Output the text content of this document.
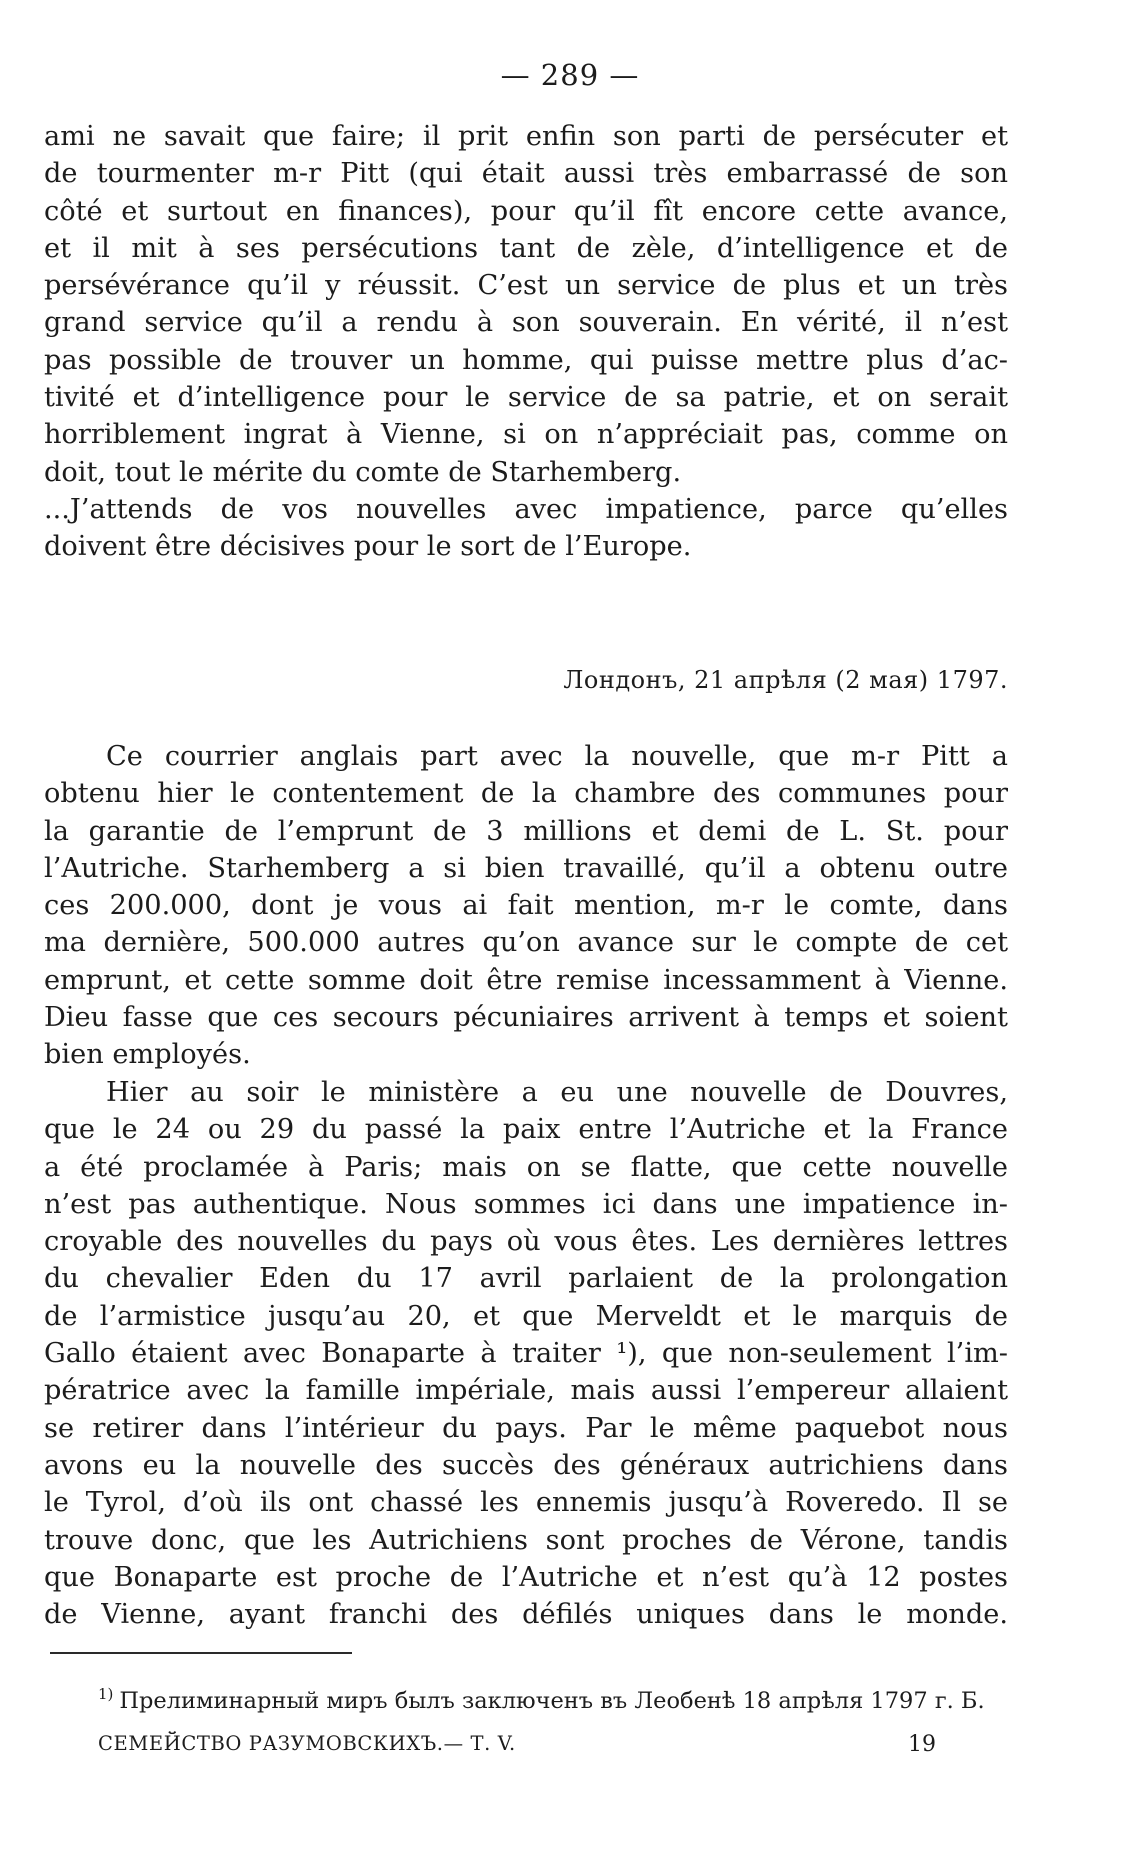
— 289 —
ami ne savait que faire; il prit enfin son parti de persécuter et
de tourmenter m-r Pitt (qui était aussi très embarrassé de son
côté et surtout en finances), pour qu’il fît encore cette avance,
et il mit à ses persécutions tant de zèle, d’intelligence et de
persévérance qu’il y réussit. C’est un service de plus et un très
grand service qu’il a rendu à son souverain. En vérité, il n’est
pas possible de trouver un homme, qui puisse mettre plus d’ac-
tivité et d’intelligence pour le service de sa patrie, et on serait
horriblement ingrat à Vienne, si on n’appréciait pas, comme on
doit, tout le mérite du comte de Starhemberg.
...J’attends de vos nouvelles avec impatience, parce qu’elles
doivent être décisives pour le sort de l’Europe.
Лондонъ, 21 апрѣля (2 мая) 1797.
Ce courrier anglais part avec la nouvelle, que m-r Pitt a
obtenu hier le contentement de la chambre des communes pour
la garantie de l’emprunt de 3 millions et demi de L. St. pour
l’Autriche. Starhemberg a si bien travaillé, qu’il a obtenu outre
ces 200.000, dont je vous ai fait mention, m-r le comte, dans
ma dernière, 500.000 autres qu’on avance sur le compte de cet
emprunt, et cette somme doit être remise incessamment à Vienne.
Dieu fasse que ces secours pécuniaires arrivent à temps et soient
bien employés.
Hier au soir le ministère a eu une nouvelle de Douvres,
que le 24 ou 29 du passé la paix entre l’Autriche et la France
a été proclamée à Paris; mais on se flatte, que cette nouvelle
n’est pas authentique. Nous sommes ici dans une impatience in-
croyable des nouvelles du pays où vous êtes. Les dernières lettres
du chevalier Eden du 17 avril parlaient de la prolongation
de l’armistice jusqu’au 20, et que Merveldt et le marquis de
Gallo étaient avec Bonaparte à traiter ¹), que non-seulement l’im-
pératrice avec la famille impériale, mais aussi l’empereur allaient
se retirer dans l’intérieur du pays. Par le même paquebot nous
avons eu la nouvelle des succès des généraux autrichiens dans
le Tyrol, d’où ils ont chassé les ennemis jusqu’à Roveredo. Il se
trouve donc, que les Autrichiens sont proches de Vérone, tandis
que Bonaparte est proche de l’Autriche et n’est qu’à 12 postes
de Vienne, ayant franchi des défilés uniques dans le monde.
$^{1)}$ Прелиминарный миръ былъ заключенъ въ Леобенѣ 18 апрѣля 1797 г. Б.
СЕМЕЙСТВО РАЗУМОВСКИХЪ.— Т. V.	19
